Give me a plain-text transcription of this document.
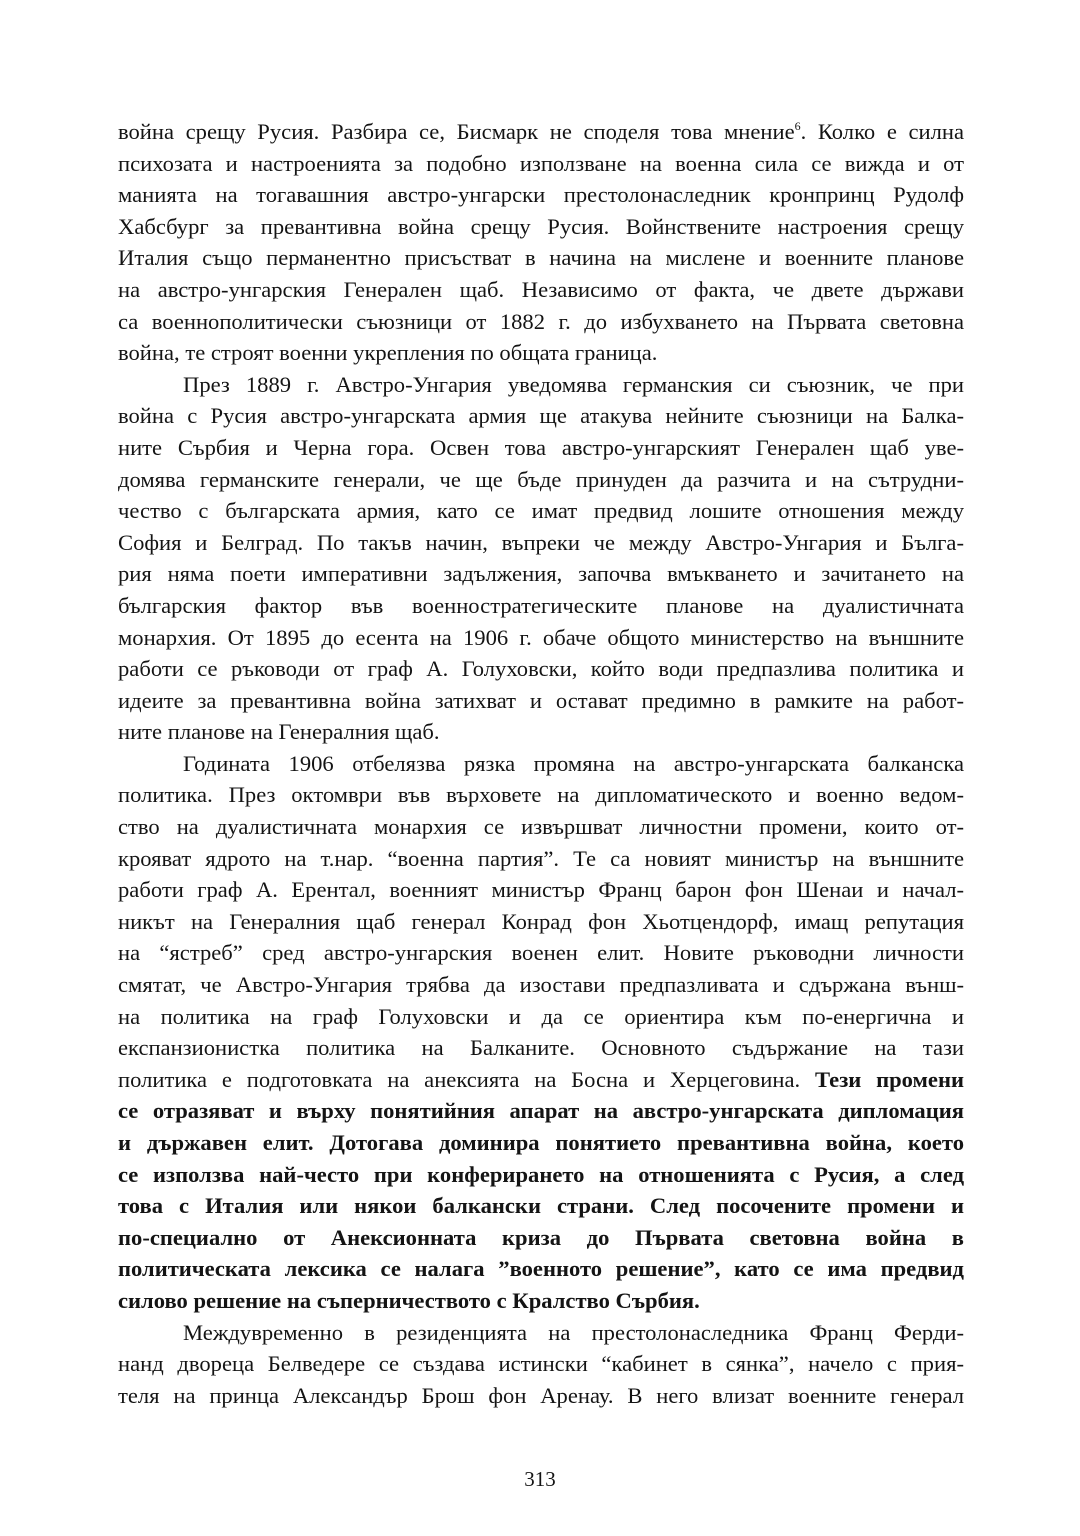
война срещу Русия. Разбира се, Бисмарк не споделя това мнение$^6$. Колко е силна
психозата и настроенията за подобно използване на военна сила се вижда и от
манията на тогавашния австро-унгарски престолонаследник кронпринц Рудолф
Хабсбург за превантивна война срещу Русия. Войнствените настроения срещу
Италия също перманентно присъстват в начина на мислене и военните планове
на австро-унгарския Генерален щаб. Независимо от факта, че двете държави
са военнополитически съюзници от 1882 г. до избухването на Първата световна
война, те строят военни укрепления по общата граница.
През 1889 г. Австро-Унгария уведомява германския си съюзник, че при
война с Русия австро-унгарската армия ще атакува нейните съюзници на Балка-
ните Сърбия и Черна гора. Освен това австро-унгарският Генерален щаб уве-
домява германските генерали, че ще бъде принуден да разчита и на сътрудни-
чество с българската армия, като се имат предвид лошите отношения между
София и Белград. По такъв начин, въпреки че между Австро-Унгария и Бълга-
рия няма поети императивни задължения, започва вмъкването и зачитането на
българския фактор във военностратегическите планове на дуалистичната
монархия. От 1895 до есента на 1906 г. обаче общото министерство на външните
работи се ръководи от граф А. Голуховски, който води предпазлива политика и
идеите за превантивна война затихват и остават предимно в рамките на работ-
ните планове на Генералния щаб.
Годината 1906 отбелязва рязка промяна на австро-унгарската балканска
политика. През октомври във върховете на дипломатическото и военно ведом-
ство на дуалистичната монархия се извършват личностни промени, които от-
крояват ядрото на т.нар. “военна партия”. Те са новият министър на външните
работи граф А. Ерентал, военният министър Франц барон фон Шенаи и начал-
никът на Генералния щаб генерал Конрад фон Хьотцендорф, имащ репутация
на “ястреб” сред австро-унгарския военен елит. Новите ръководни личности
смятат, че Австро-Унгария трябва да изостави предпазливата и сдържана външ-
на политика на граф Голуховски и да се ориентира към по-енергична и
експанзионистка политика на Балканите. Основното съдържание на тази
политика е подготовката на анексията на Босна и Херцеговина. Тези промени
се отразяват и върху понятийния апарат на австро-унгарската дипломация
и държавен елит. Дотогава доминира понятието превантивна война, което
се използва най-често при конферирането на отношенията с Русия, а след
това с Италия или някои балкански страни. След посочените промени и
по-специално от Анексионната криза до Първата световна война в
политическата лексика се налага ”военното решение”, като се има предвид
силово решение на съперничеството с Кралство Сърбия.
Междувременно в резиденцията на престолонаследника Франц Ферди-
нанд двореца Белведере се създава истински “кабинет в сянка”, начело с прия-
теля на принца Александър Брош фон Аренау. В него влизат военните генерал
313
